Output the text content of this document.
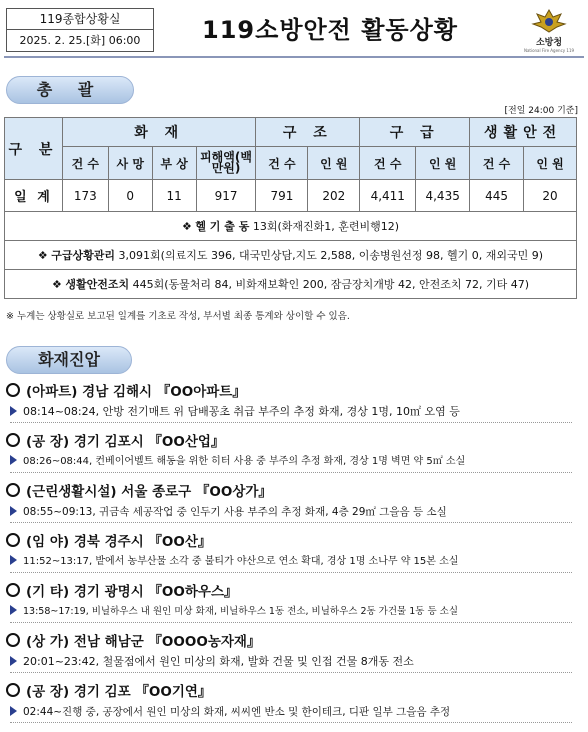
119종합상황실
2025. 2. 25.[화] 06:00	119소방안전 활동상황	소방청
National Fire Agency 119
총 괄
[전일 24:00 기준]
구 분	화 재				구 조		구 급		생활안전	
	건 수	사 망	부 상	피해액(백만원)	건 수	인 원	건 수	인 원	건 수	인 원
일 계	173	0	11	917	791	202	4,411	4,435	445	20
❖ 헬 기 출 동 13회(화재진화1, 훈련비행12)										
❖ 구급상황관리 3,091회(의료지도 396, 대국민상담,지도 2,588, 이송병원선정 98, 헬기 0, 재외국민 9)										
❖ 생활안전조치 445회(동물처리 84, 비화재보확인 200, 잠금장치개방 42, 안전조치 72, 기타 47)										
※ 누계는 상황실로 보고된 일계를 기초로 작성, 부서별 최종 통계와 상이할 수 있음.
화재진압
(아파트) 경남 김해시 『OO아파트』
08:14~08:24, 안방 전기매트 위 담배꽁초 취급 부주의 추정 화재, 경상 1명, 10㎡ 오염 등
(공 장) 경기 김포시 『OO산업』
08:26~08:44, 컨베이어벨트 해동을 위한 히터 사용 중 부주의 추정 화재, 경상 1명 벽면 약 5㎡ 소실
(근린생활시설) 서울 종로구 『OO상가』
08:55~09:13, 귀금속 세공작업 중 인두기 사용 부주의 추정 화재, 4층 29㎡ 그을음 등 소실
(임 야) 경북 경주시 『OO산』
11:52~13:17, 밭에서 농부산물 소각 중 불티가 야산으로 연소 확대, 경상 1명 소나무 약 15본 소실
(기 타) 경기 광명시 『OO하우스』
13:58~17:19, 비닐하우스 내 원인 미상 화재, 비닐하우스 1동 전소, 비닐하우스 2동 가건물 1동 등 소실
(상 가) 전남 해남군 『OOOO농자재』
20:01~23:42, 철물점에서 원인 미상의 화재, 발화 건물 및 인접 건물 8개동 전소
(공 장) 경기 김포 『OO기연』
02:44~진행 중, 공장에서 원인 미상의 화재, 씨씨엔 반소 및 한이테크, 디판 일부 그을음 추정
